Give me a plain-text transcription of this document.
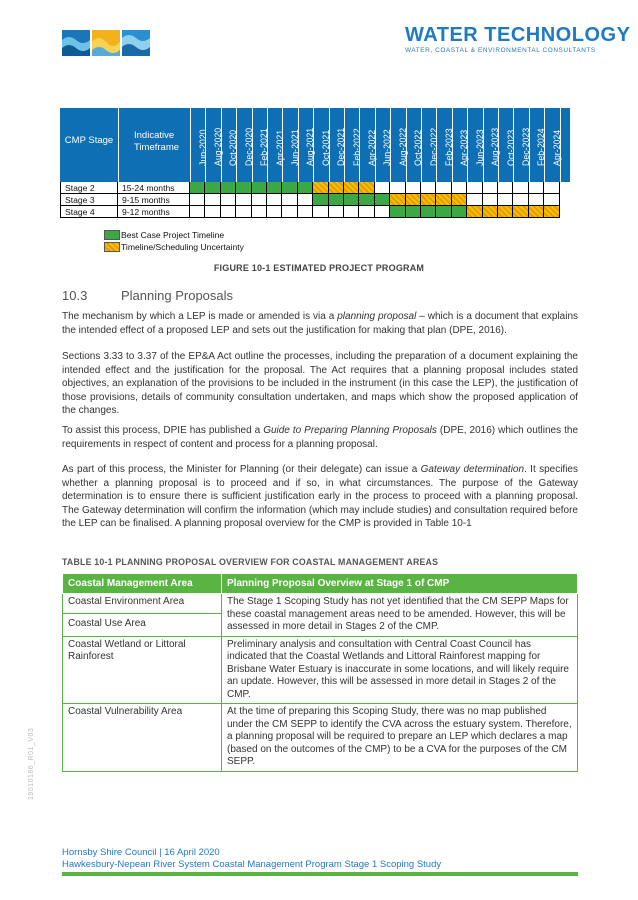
WATER TECHNOLOGY
WATER, COASTAL & ENVIRONMENTAL CONSULTANTS
CMP Stage	Indicative Timeframe	Jun-2020 Aug-2020 Oct-2020 Dec-2020 Feb-2021 Apr-2021 Jun-2021 Aug-2021 Oct-2021 Dec-2021 Feb-2022 Apr-2022 Jun-2022 Aug-2022 Oct-2022 Dec-2022 Feb-2023 Apr-2023 Jun-2023 Aug-2023 Oct-2023 Dec-2023 Feb-2024 Apr-2024
Stage 2	15-24 months
Stage 3	9-15 months
Stage 4	9-12 months
Best Case Project Timeline
Timeline/Scheduling Uncertainty
FIGURE 10-1 ESTIMATED PROJECT PROGRAM
10.3	Planning Proposals
The mechanism by which a LEP is made or amended is via a planning proposal – which is a document that explains the intended effect of a proposed LEP and sets out the justification for making that plan (DPE, 2016).
Sections 3.33 to 3.37 of the EP&A Act outline the processes, including the preparation of a document explaining the intended effect and the justification for the proposal. The Act requires that a planning proposal includes stated objectives, an explanation of the provisions to be included in the instrument (in this case the LEP), the justification of those provisions, details of community consultation undertaken, and maps which show the proposed application of the changes.
To assist this process, DPIE has published a Guide to Preparing Planning Proposals (DPE, 2016) which outlines the requirements in respect of content and process for a planning proposal.
As part of this process, the Minister for Planning (or their delegate) can issue a Gateway determination. It specifies whether a planning proposal is to proceed and if so, in what circumstances. The purpose of the Gateway determination is to ensure there is sufficient justification early in the process to proceed with a planning proposal. The Gateway determination will confirm the information (which may include studies) and consultation required before the LEP can be finalised. A planning proposal overview for the CMP is provided in Table 10-1
TABLE 10-1 PLANNING PROPOSAL OVERVIEW FOR COASTAL MANAGEMENT AREAS
Coastal Management Area	Planning Proposal Overview at Stage 1 of CMP
Coastal Environment Area	The Stage 1 Scoping Study has not yet identified that the CM SEPP Maps for these coastal management areas need to be amended. However, this will be assessed in more detail in Stages 2 of the CMP.
Coastal Use Area	
Coastal Wetland or Littoral Rainforest	Preliminary analysis and consultation with Central Coast Council has indicated that the Coastal Wetlands and Littoral Rainforest mapping for Brisbane Water Estuary is inaccurate in some locations, and will likely require an update. However, this will be assessed in more detail in Stages 2 of the CMP.
Coastal Vulnerability Area	At the time of preparing this Scoping Study, there was no map published under the CM SEPP to identify the CVA across the estuary system. Therefore, a planning proposal will be required to prepare an LEP which declares a map (based on the outcomes of the CMP) to be a CVA for the purposes of the CM SEPP.
19010186_R01_V03
Hornsby Shire Council | 16 April 2020
Hawkesbury-Nepean River System Coastal Management Program Stage 1 Scoping Study
